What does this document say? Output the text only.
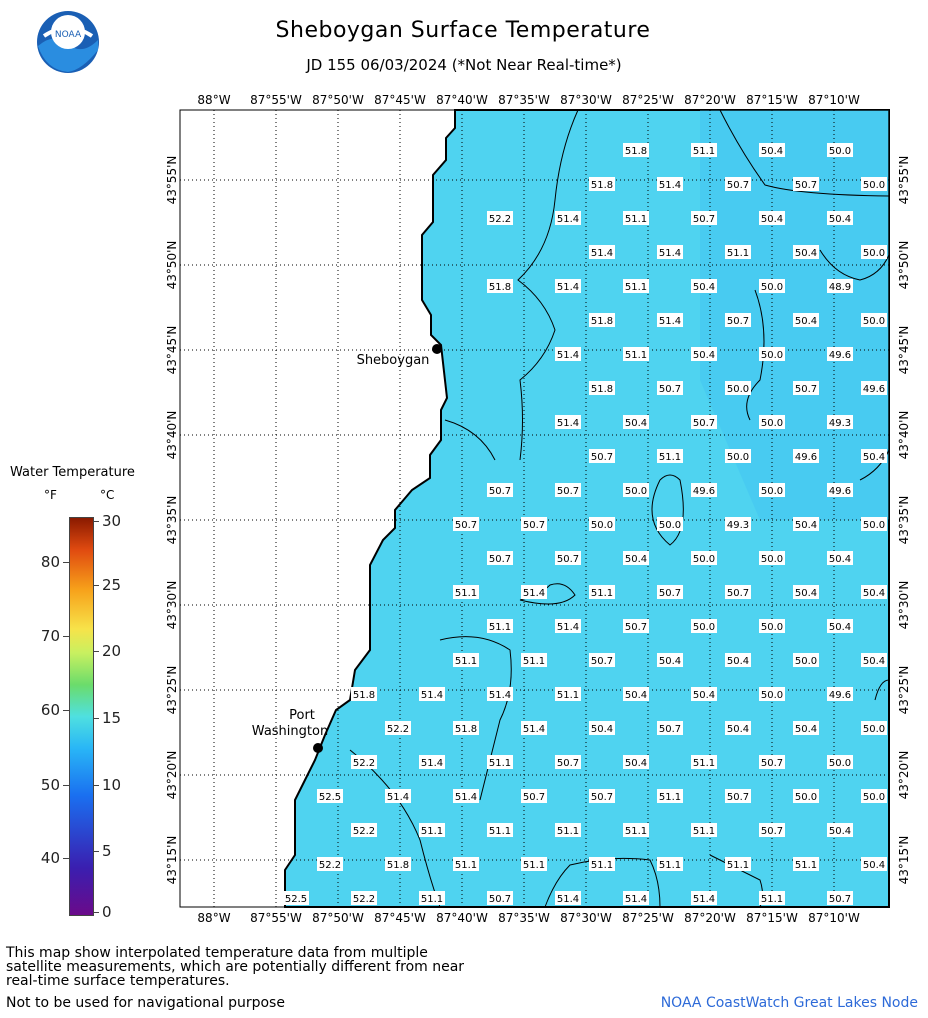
NOAA	Sheboygan Surface Temperature
JD 155 06/03/2024 (*Not Near Real-time*)
Water Temperature
°F	°C
80
70
60
50
40
30
25
20
15
10
5
0
51.8	51.1	50.4	50.0
51.8	51.4	50.7	50.7	50.0
52.2	51.4	51.1	50.7	50.4	50.4
51.4	51.4	51.1	50.4	50.0
51.8	51.4	51.1	50.4	50.0	48.9
51.8	51.4	50.7	50.4	50.0
51.4	51.1	50.4	50.0	49.6
51.8	50.7	50.0	50.7	49.6
51.4	50.4	50.7	50.0	49.3
50.7	51.1	50.0	49.6	50.4
50.7	50.7	50.0	49.6	50.0	49.6
50.7	50.7	50.0	50.0	49.3	50.4	50.0
50.7	50.7	50.4	50.0	50.0	50.4
51.1	51.4	51.1	50.7	50.7	50.4	50.4
51.1	51.4	50.7	50.0	50.0	50.4
51.1	51.1	50.7	50.4	50.4	50.0	50.4
51.8	51.4	51.4	51.1	50.4	50.4	50.0	49.6
52.2	51.8	51.4	50.4	50.7	50.4	50.4	50.0
52.2	51.4	51.1	50.7	50.4	51.1	50.7	50.0
52.5	51.4	51.4	50.7	50.7	51.1	50.7	50.0	50.0
52.2	51.1	51.1	51.1	51.1	51.1	50.7	50.4
52.2	51.8	51.1	51.1	51.1	51.1	51.1	51.1	50.4
52.5	52.2	51.1	50.7	51.4	51.4	51.4	51.1	50.7
88°W
88°W
87°55'W
87°55'W
87°50'W
87°50'W
87°45'W
87°45'W
87°40'W
87°40'W
87°35'W
87°35'W
87°30'W
87°30'W
87°25'W
87°25'W
87°20'W
87°20'W
87°15'W
87°15'W
87°10'W
87°10'W
43°55'N	43°55'N
43°50'N	43°50'N
43°45'N	43°45'N
43°40'N	43°40'N
43°35'N	43°35'N
43°30'N	43°30'N
43°25'N	43°25'N
43°20'N	43°20'N
43°15'N	43°15'N
Sheboygan
Port
Washington
This map show interpolated temperature data from multiple satellite measurements, which are potentially different from near real-time surface temperatures.
Not to be used for navigational purpose	NOAA CoastWatch Great Lakes Node
